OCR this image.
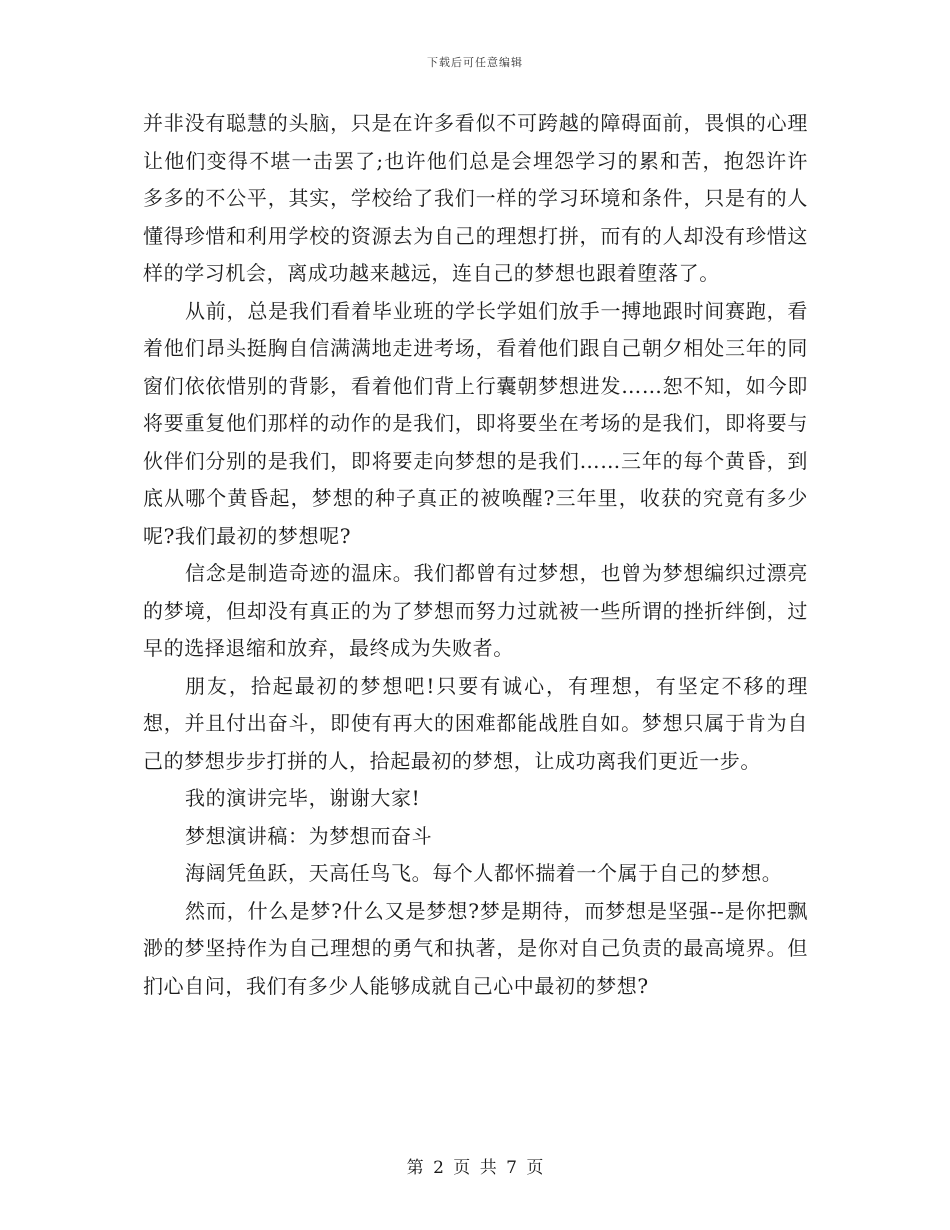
下载后可任意编辑

并非没有聪慧的头脑，只是在许多看似不可跨越的障碍面前，畏惧的心理让他们变得不堪一击罢了;也许他们总是会埋怨学习的累和苦，抱怨许许多多的不公平，其实，学校给了我们一样的学习环境和条件，只是有的人懂得珍惜和利用学校的资源去为自己的理想打拼，而有的人却没有珍惜这样的学习机会，离成功越来越远，连自己的梦想也跟着堕落了。

从前，总是我们看着毕业班的学长学姐们放手一搏地跟时间赛跑，看着他们昂头挺胸自信满满地走进考场，看着他们跟自己朝夕相处三年的同窗们依依惜别的背影，看着他们背上行囊朝梦想进发……恕不知，如今即将要重复他们那样的动作的是我们，即将要坐在考场的是我们，即将要与伙伴们分别的是我们，即将要走向梦想的是我们……三年的每个黄昏，到底从哪个黄昏起，梦想的种子真正的被唤醒?三年里，收获的究竟有多少呢?我们最初的梦想呢?

信念是制造奇迹的温床。我们都曾有过梦想，也曾为梦想编织过漂亮的梦境，但却没有真正的为了梦想而努力过就被一些所谓的挫折绊倒，过早的选择退缩和放弃，最终成为失败者。

朋友，拾起最初的梦想吧!只要有诚心，有理想，有坚定不移的理想，并且付出奋斗，即使有再大的困难都能战胜自如。梦想只属于肯为自己的梦想步步打拼的人，拾起最初的梦想，让成功离我们更近一步。

我的演讲完毕，谢谢大家!

梦想演讲稿：为梦想而奋斗

海阔凭鱼跃，天高任鸟飞。每个人都怀揣着一个属于自己的梦想。

然而，什么是梦?什么又是梦想?梦是期待，而梦想是坚强--是你把飘渺的梦坚持作为自己理想的勇气和执著，是你对自己负责的最高境界。但扪心自问，我们有多少人能够成就自己心中最初的梦想?

第 2 页 共 7 页
